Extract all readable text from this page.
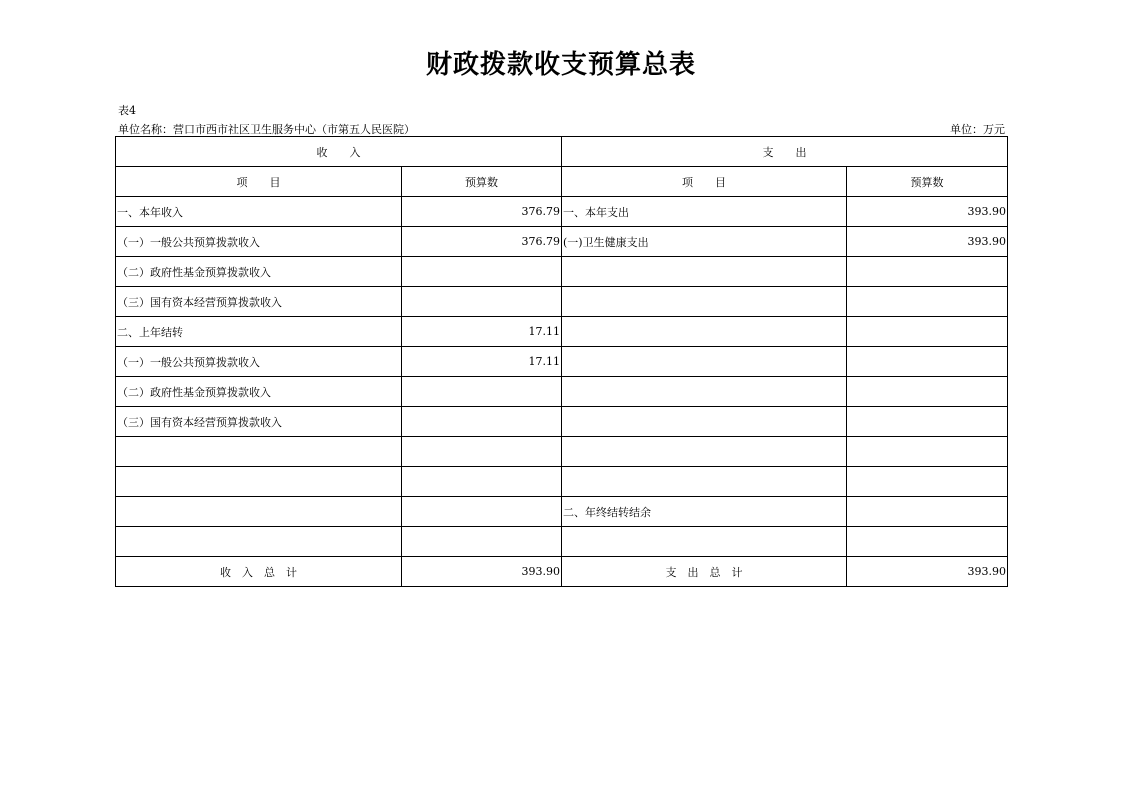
财政拨款收支预算总表
表4
单位名称：营口市西市社区卫生服务中心（市第五人民医院）	单位：万元
收　　入		支　　出	
项　　目	预算数	项　　目	预算数
一、本年收入	376.79	一、本年支出	393.90
（一）一般公共预算拨款收入	376.79	(一)卫生健康支出	393.90
（二）政府性基金预算拨款收入			
（三）国有资本经营预算拨款收入			
二、上年结转	17.11		
（一）一般公共预算拨款收入	17.11		
（二）政府性基金预算拨款收入			
（三）国有资本经营预算拨款收入			

		二、年终结转结余	

收　入　总　计	393.90	支　出　总　计	393.90
